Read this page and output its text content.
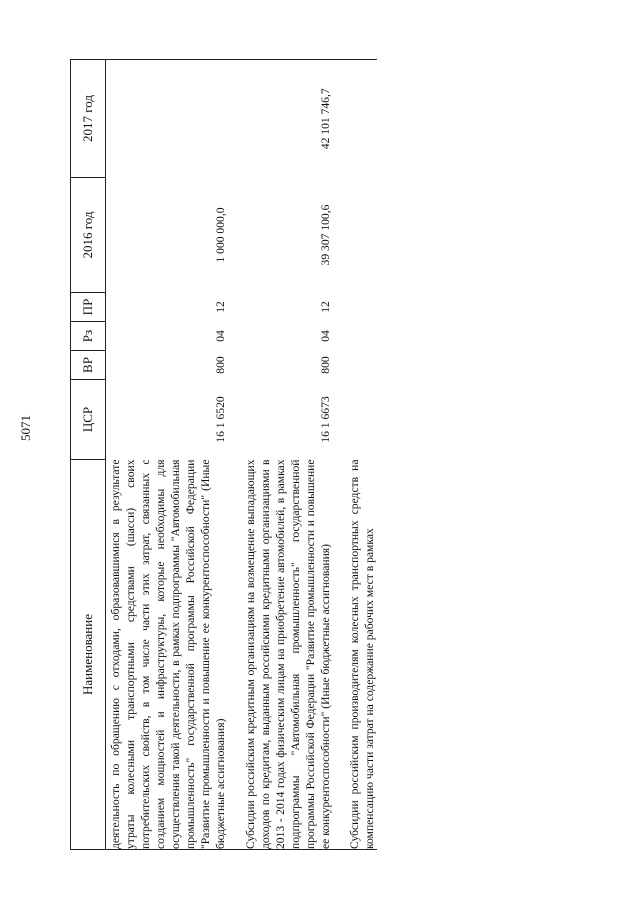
5071
Наименование	ЦСР	ВР	Рз	ПР	2016 год	2017 год
деятельность по обращению с отходами, образовавшимися в результате утраты колесными транспортными средствами (шасси) своих потребительских свойств, в том числе части этих затрат, связанных с созданием мощностей и инфраструктуры, которые необходимы для осуществления такой деятельности, в рамках подпрограммы "Автомобильная промышленность" государственной программы Российской Федерации "Развитие промышленности и повышение ее конкурентоспособности" (Иные бюджетные ассигнования)	16 1 6520	800	04	12	1 000 000,0	
Субсидии российским кредитным организациям на возмещение выпадающих доходов по кредитам, выданным российскими кредитными организациями в 2013 - 2014 годах физическим лицам на приобретение автомобилей, в рамках подпрограммы "Автомобильная промышленность" государственной программы Российской Федерации "Развитие промышленности и повышение ее конкурентоспособности" (Иные бюджетные ассигнования)	16 1 6673	800	04	12	39 307 100,6	42 101 746,7
Субсидии российским производителям колесных транспортных средств на компенсацию части затрат на содержание рабочих мест в рамках						
